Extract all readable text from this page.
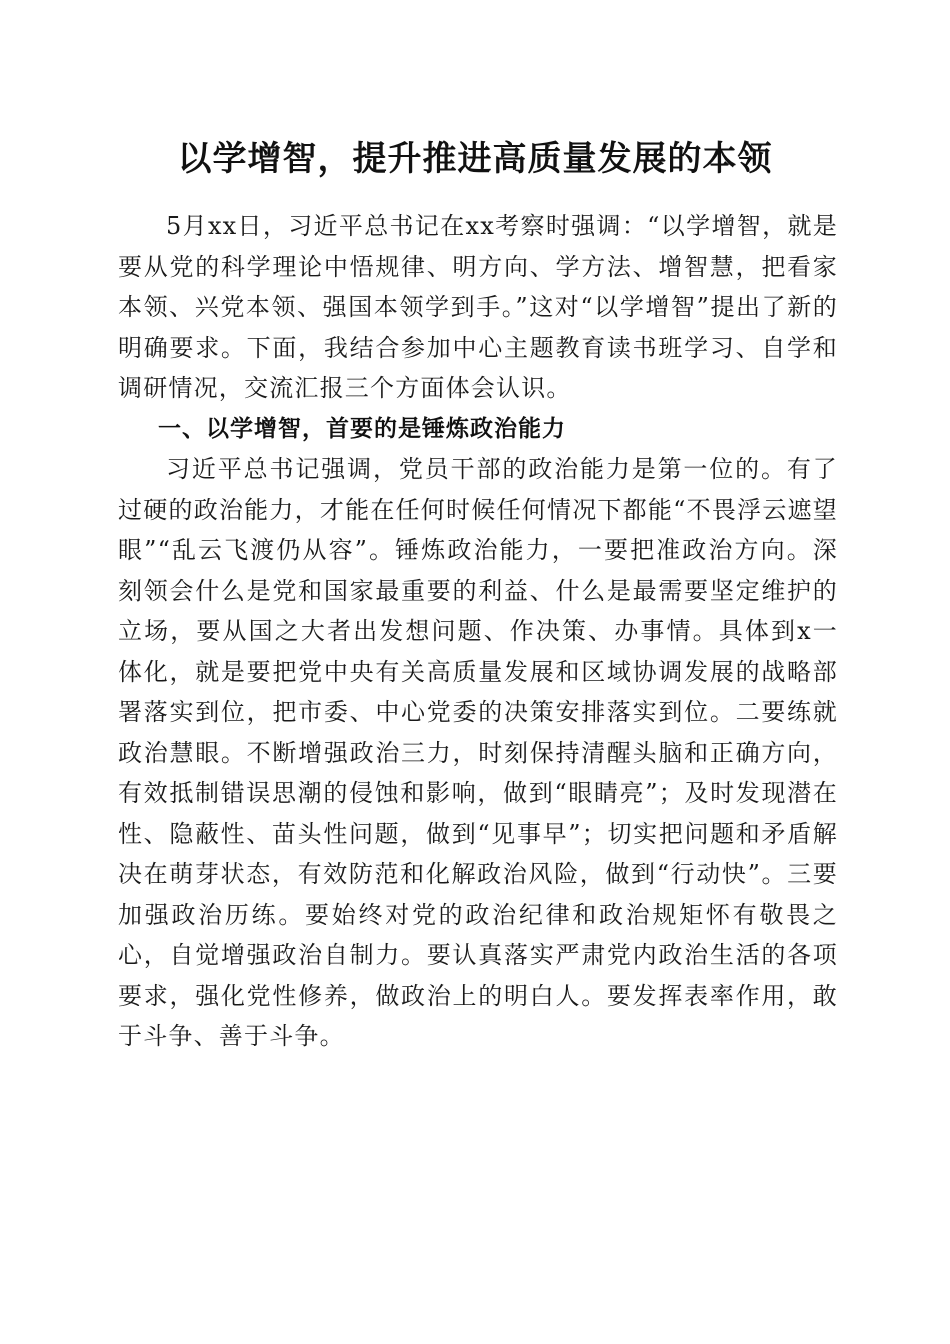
以学增智，提升推进高质量发展的本领

5月xx日，习近平总书记在xx考察时强调：“以学增智，就是要从党的科学理论中悟规律、明方向、学方法、增智慧，把看家本领、兴党本领、强国本领学到手。”这对“以学增智”提出了新的明确要求。下面，我结合参加中心主题教育读书班学习、自学和调研情况，交流汇报三个方面体会认识。

一、以学增智，首要的是锤炼政治能力

习近平总书记强调，党员干部的政治能力是第一位的。有了过硬的政治能力，才能在任何时候任何情况下都能“不畏浮云遮望眼”“乱云飞渡仍从容”。锤炼政治能力，一要把准政治方向。深刻领会什么是党和国家最重要的利益、什么是最需要坚定维护的立场，要从国之大者出发想问题、作决策、办事情。具体到x一体化，就是要把党中央有关高质量发展和区域协调发展的战略部署落实到位，把市委、中心党委的决策安排落实到位。二要练就政治慧眼。不断增强政治三力，时刻保持清醒头脑和正确方向，有效抵制错误思潮的侵蚀和影响，做到“眼睛亮”；及时发现潜在性、隐蔽性、苗头性问题，做到“见事早”；切实把问题和矛盾解决在萌芽状态，有效防范和化解政治风险，做到“行动快”。三要加强政治历练。要始终对党的政治纪律和政治规矩怀有敬畏之心，自觉增强政治自制力。要认真落实严肃党内政治生活的各项要求，强化党性修养，做政治上的明白人。要发挥表率作用，敢于斗争、善于斗争。
